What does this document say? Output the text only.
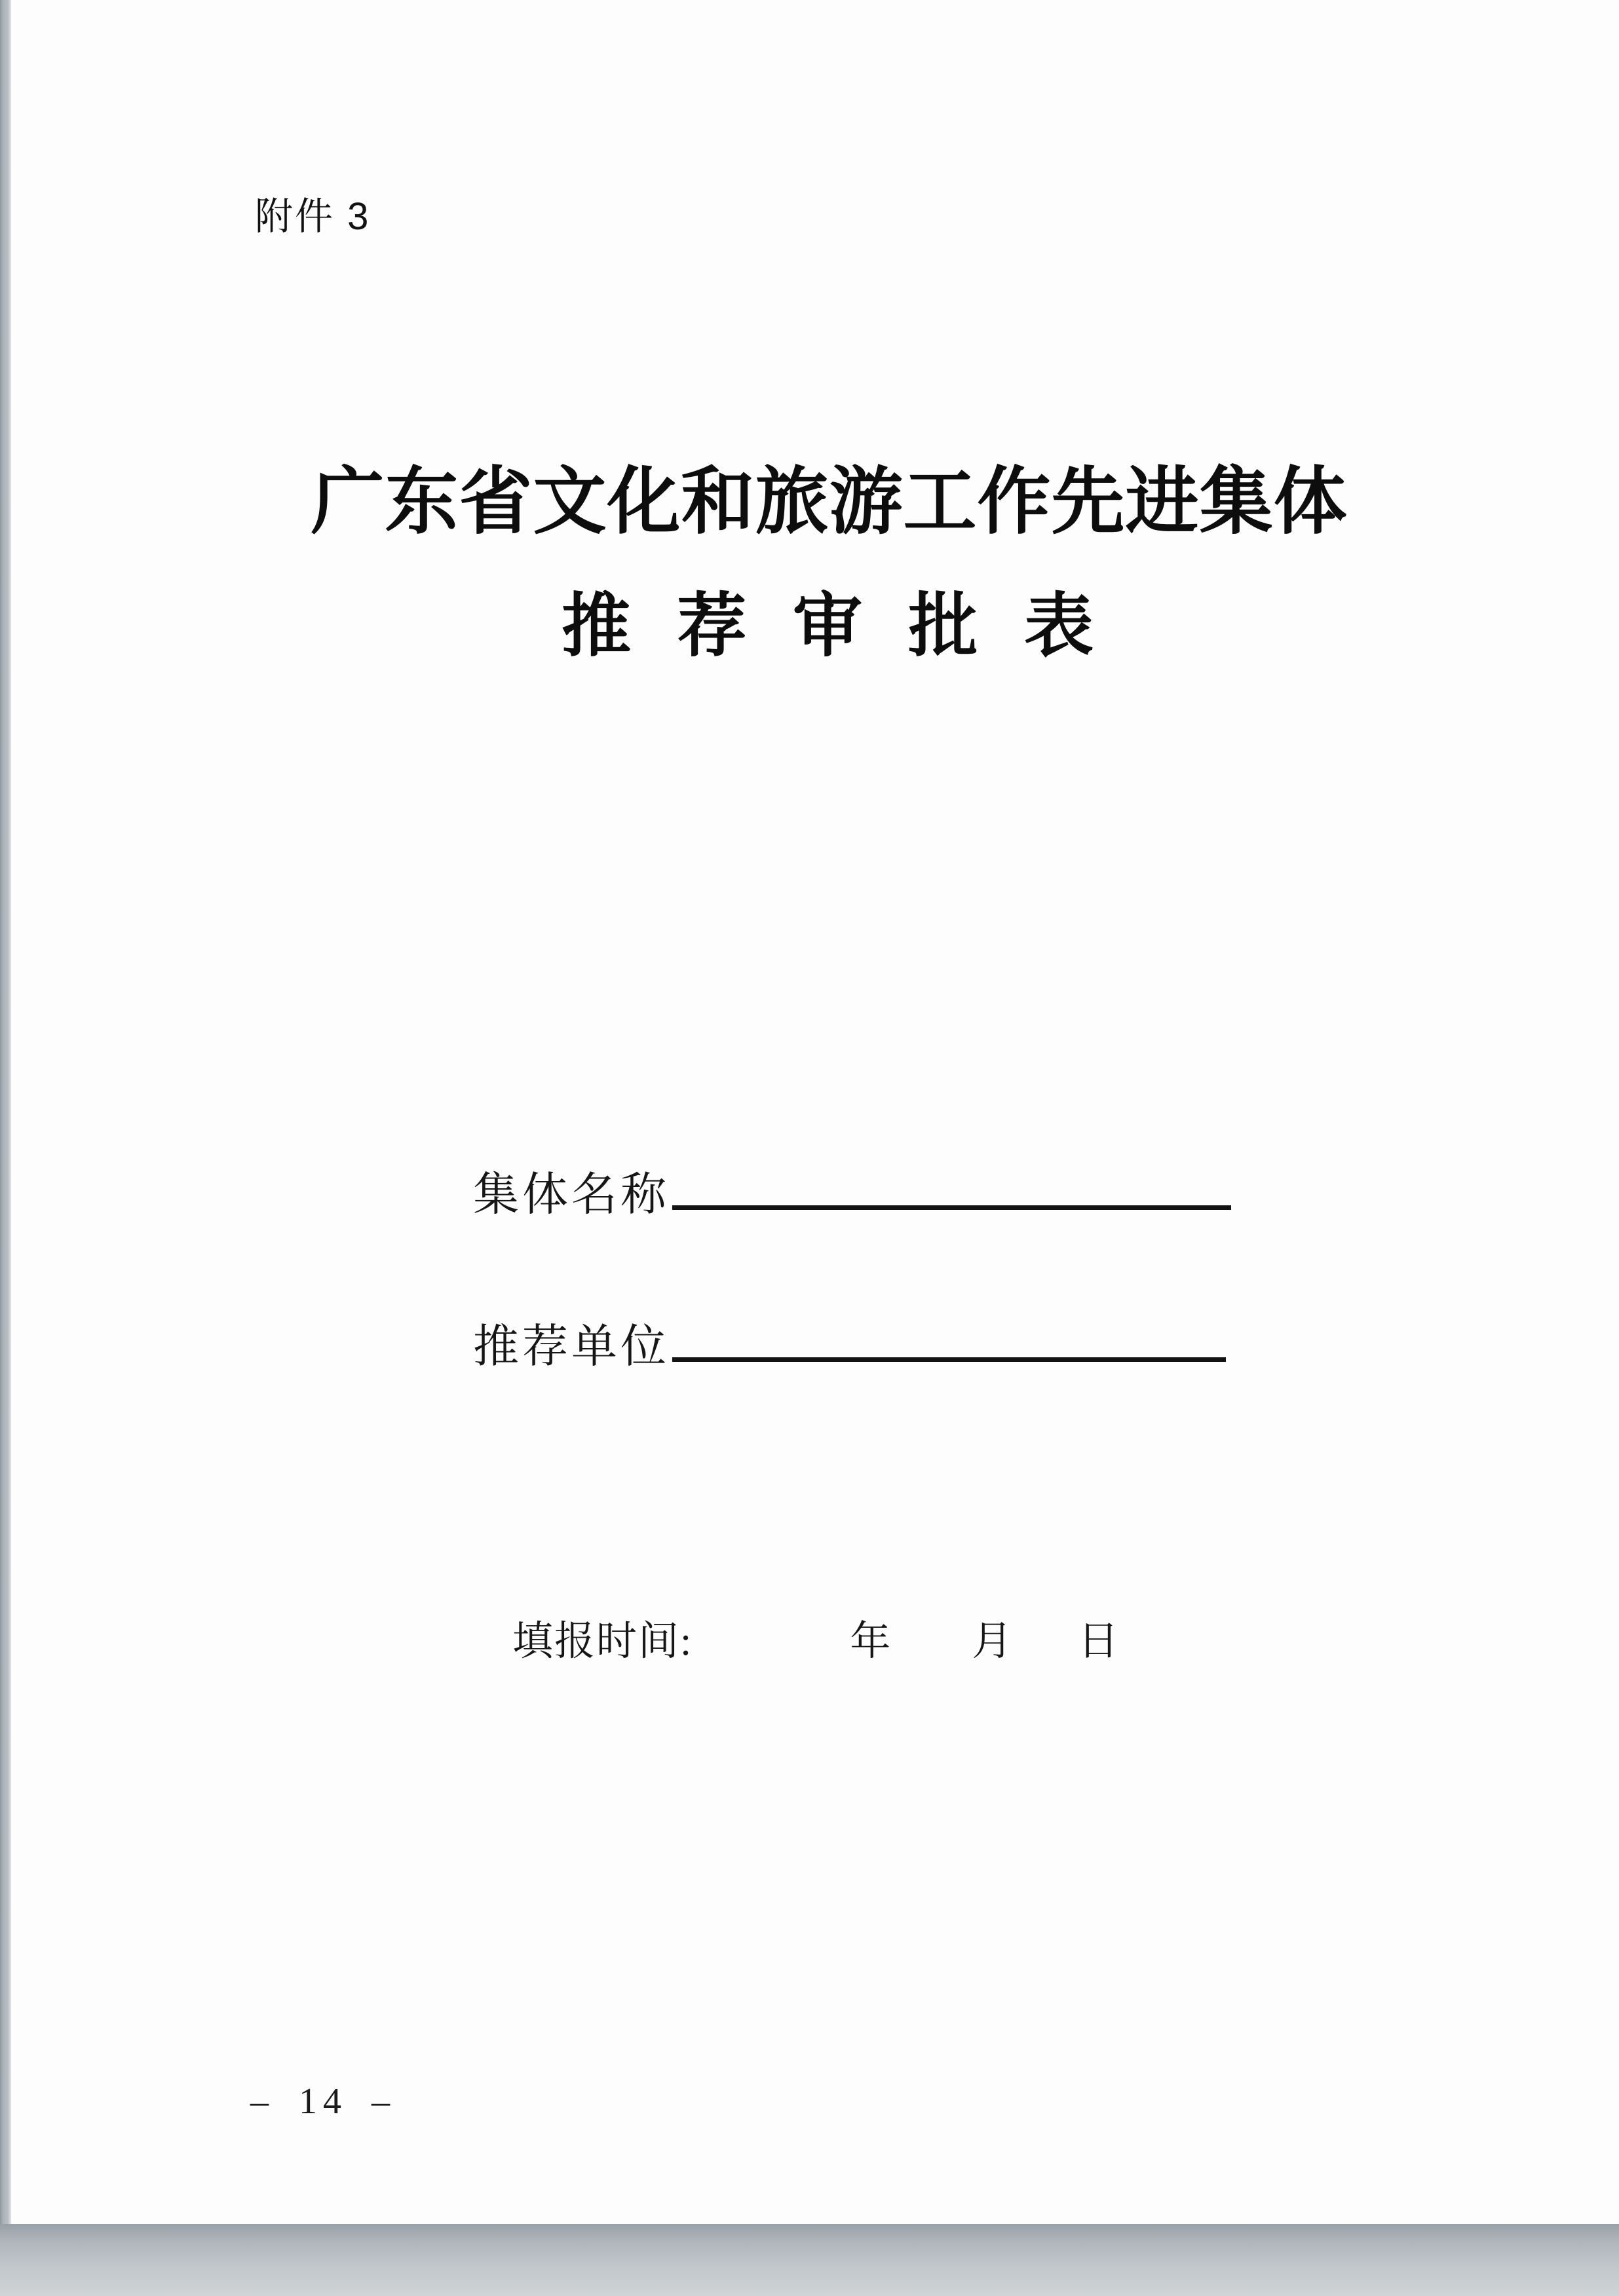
附件 3
广东省文化和旅游工作先进集体
推 荐 审 批 表
集体名称
推荐单位
填报时间:	年 月 日
– 14 –
